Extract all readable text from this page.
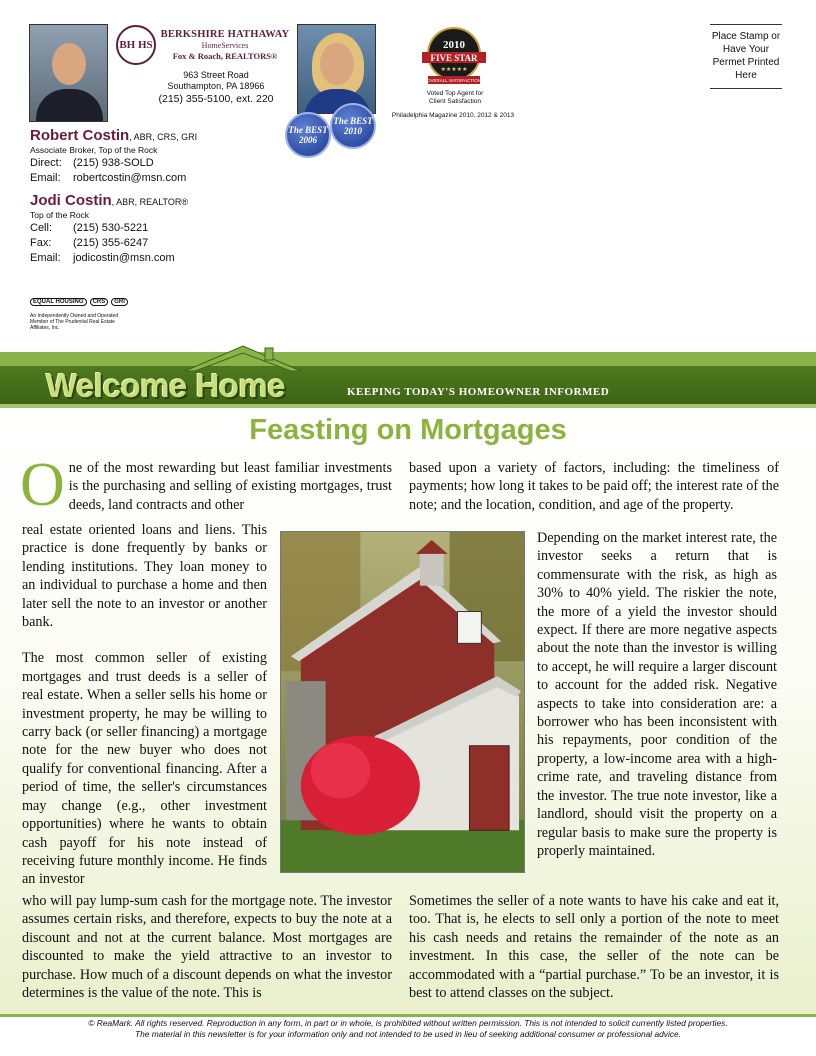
BH HS
BERKSHIRE HATHAWAY
HomeServices
Fox & Roach, REALTORS®
963 Street Road
Southampton, PA 18966
(215) 355-5100, ext. 220
The BEST 2006
The BEST 2010
2010
FIVE STAR
★★★★★
OVERALL SATISFACTION
Voted Top Agent for
Client Satisfaction
Philadelphia Magazine 2010, 2012 & 2013
Place Stamp or Have Your Permet Printed Here
Robert Costin, ABR, CRS, GRI
Associate Broker, Top of the Rock
Direct:	(215) 938-SOLD
Email:	robertcostin@msn.com
Jodi Costin, ABR, REALTOR®
Top of the Rock
Cell:	(215) 530-5221
Fax:	(215) 355-6247
Email:	jodicostin@msn.com
EQUAL HOUSING	CRS	GRI
An Independently Owned and Operated Member of The Prudential Real Estate Affiliates, Inc.
Welcome Home	KEEPING TODAY'S HOMEOWNER INFORMED
Feasting on Mortgages
One of the most rewarding but least familiar investments is the purchasing and selling of existing mortgages, trust deeds, land contracts and other

real estate oriented loans and liens. This practice is done frequently by banks or lending institutions. They loan money to an individual to purchase a home and then later sell the note to an investor or another bank.

The most common seller of existing mortgages and trust deeds is a seller of real estate. When a seller sells his home or investment property, he may be willing to carry back (or seller financing) a mortgage note for the new buyer who does not qualify for conventional financing. After a period of time, the seller's circumstances may change (e.g., other investment opportunities) where he wants to obtain cash payoff for his note instead of receiving future monthly income. He finds an investor

who will pay lump-sum cash for the mortgage note. The investor assumes certain risks, and therefore, expects to buy the note at a discount and not at the current balance. Most mortgages are discounted to make the yield attractive to an investor to purchase. How much of a discount depends on what the investor determines is the value of the note. This is
based upon a variety of factors, including: the timeliness of payments; how long it takes to be paid off; the interest rate of the note; and the location, condition, and age of the property.
Depending on the market interest rate, the investor seeks a return that is commensurate with the risk, as high as 30% to 40% yield. The riskier the note, the more of a yield the investor should expect. If there are more negative aspects about the note than the investor is willing to accept, he will require a larger discount to account for the added risk. Negative aspects to take into consideration are: a borrower who has been inconsistent with his repayments, poor condition of the property, a low-income area with a high-crime rate, and traveling distance from the investor. The true note investor, like a landlord, should visit the property on a regular basis to make sure the property is properly maintained.
Sometimes the seller of a note wants to have his cake and eat it, too. That is, he elects to sell only a portion of the note to meet his cash needs and retains the remainder of the note as an investment. In this case, the seller of the note can be accommodated with a “partial purchase.” To be an investor, it is best to attend classes on the subject.
© ReaMark. All rights reserved. Reproduction in any form, in part or in whole, is prohibited without written permission. This is not intended to solicit currently listed properties.
The material in this newsletter is for your information only and not intended to be used in lieu of seeking additional consumer or professional advice.
